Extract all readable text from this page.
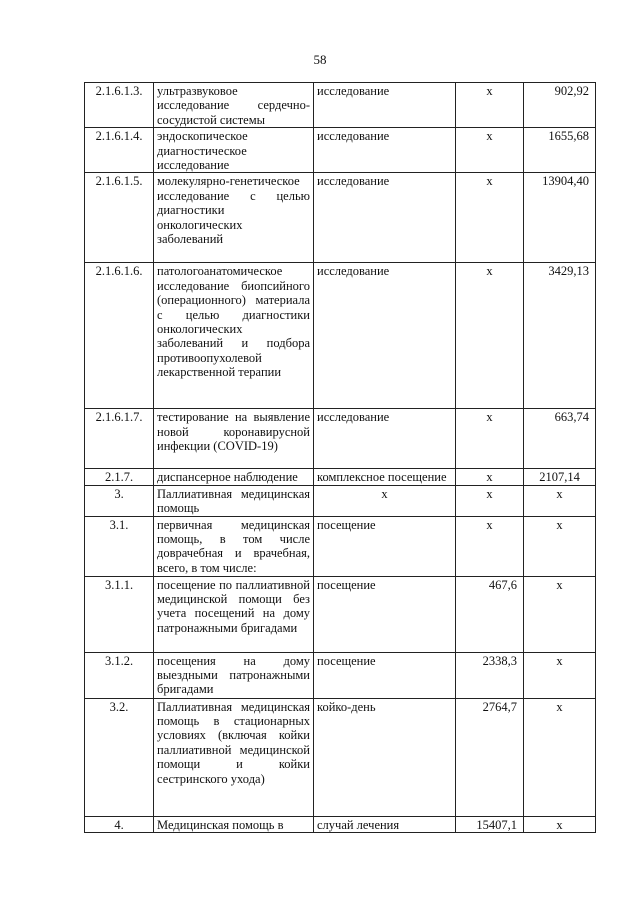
58
2.1.6.1.3.	ультразвуковое исследование сердечно-сосудистой системы	исследование	х	902,92
2.1.6.1.4.	эндоскопическое диагностическое исследование	исследование	х	1655,68
2.1.6.1.5.	молекулярно-генетическое исследование с целью диагностики онкологических заболеваний	исследование	х	13904,40
2.1.6.1.6.	патологоанатомическое исследование биопсийного (операционного) материала с целью диагностики онкологических заболеваний и подбора противоопухолевой лекарственной терапии	исследование	х	3429,13
2.1.6.1.7.	тестирование на выявление новой коронавирусной инфекции (COVID-19)	исследование	х	663,74
2.1.7.	диспансерное наблюдение	комплексное посещение	х	2107,14
3.	Паллиативная медицинская помощь	х	х	х
3.1.	первичная медицинская помощь, в том числе доврачебная и врачебная, всего, в том числе:	посещение	х	х
3.1.1.	посещение по паллиативной медицинской помощи без учета посещений на дому патронажными бригадами	посещение	467,6	х
3.1.2.	посещения на дому выездными патронажными бригадами	посещение	2338,3	х
3.2.	Паллиативная медицинская помощь в стационарных условиях (включая койки паллиативной медицинской помощи и койки сестринского ухода)	койко-день	2764,7	х
4.	Медицинская помощь в	случай лечения	15407,1	х
